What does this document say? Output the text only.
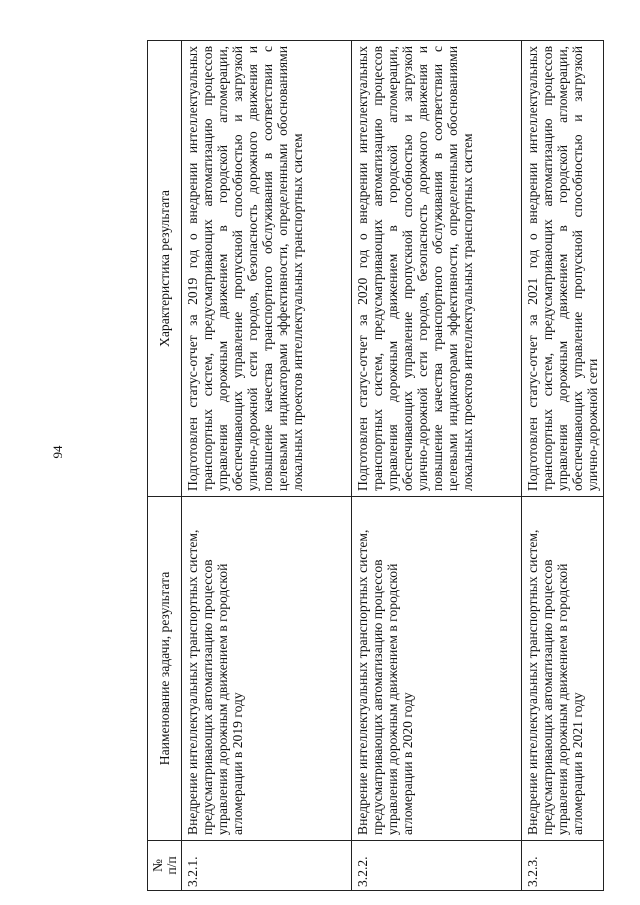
94
№ п/п	Наименование задачи, результата	Характеристика результата
3.2.1.	Внедрение интеллектуальных транспортных систем, предусматривающих автоматизацию процессов управления дорожным движением в городской агломерации в 2019 году	Подготовлен статус-отчет за 2019 год о внедрении интеллектуальных транспортных систем, предусматривающих автоматизацию процессов управления дорожным движением в городской агломерации, обеспечивающих управление пропускной способностью и загрузкой улично-дорожной сети городов, безопасность дорожного движения и повышение качества транспортного обслуживания в соответствии с целевыми индикаторами эффективности, определенными обоснованиями локальных проектов интеллектуальных транспортных систем
3.2.2.	Внедрение интеллектуальных транспортных систем, предусматривающих автоматизацию процессов управления дорожным движением в городской агломерации в 2020 году	Подготовлен статус-отчет за 2020 год о внедрении интеллектуальных транспортных систем, предусматривающих автоматизацию процессов управления дорожным движением в городской агломерации, обеспечивающих управление пропускной способностью и загрузкой улично-дорожной сети городов, безопасность дорожного движения и повышение качества транспортного обслуживания в соответствии с целевыми индикаторами эффективности, определенными обоснованиями локальных проектов интеллектуальных транспортных систем
3.2.3.	Внедрение интеллектуальных транспортных систем, предусматривающих автоматизацию процессов управления дорожным движением в городской агломерации в 2021 году	Подготовлен статус-отчет за 2021 год о внедрении интеллектуальных транспортных систем, предусматривающих автоматизацию процессов управления дорожным движением в городской агломерации, обеспечивающих управление пропускной способностью и загрузкой улично-дорожной сети
